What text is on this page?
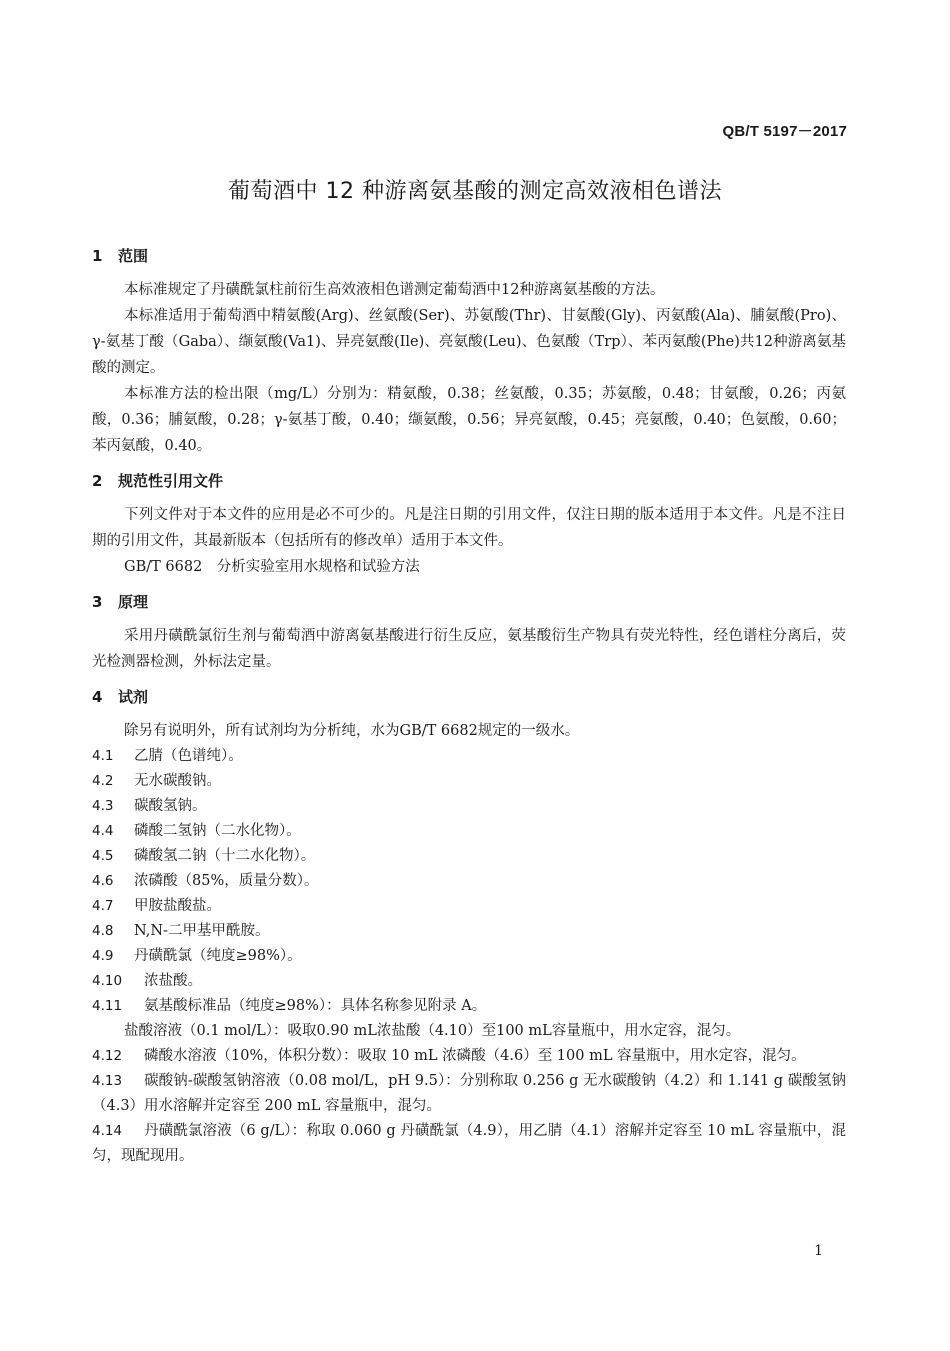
QB/T 5197－2017
葡萄酒中 12 种游离氨基酸的测定高效液相色谱法

1 范围

本标准规定了丹磺酰氯柱前衍生高效液相色谱测定葡萄酒中12种游离氨基酸的方法。

本标准适用于葡萄酒中精氨酸(Arg)、丝氨酸(Ser)、苏氨酸(Thr)、甘氨酸(Gly)、丙氨酸(Ala)、脯氨酸(Pro)、γ-氨基丁酸（Gaba）、缬氨酸(Va1)、异亮氨酸(Ile)、亮氨酸(Leu)、色氨酸（Trp）、苯丙氨酸(Phe)共12种游离氨基酸的测定。

本标准方法的检出限（mg/L）分别为：精氨酸，0.38；丝氨酸，0.35；苏氨酸，0.48；甘氨酸，0.26；丙氨酸，0.36；脯氨酸，0.28；γ-氨基丁酸，0.40；缬氨酸，0.56；异亮氨酸，0.45；亮氨酸，0.40；色氨酸，0.60；苯丙氨酸，0.40。

2 规范性引用文件

下列文件对于本文件的应用是必不可少的。凡是注日期的引用文件，仅注日期的版本适用于本文件。凡是不注日期的引用文件，其最新版本（包括所有的修改单）适用于本文件。

GB/T 6682　分析实验室用水规格和试验方法

3 原理

采用丹磺酰氯衍生剂与葡萄酒中游离氨基酸进行衍生反应，氨基酸衍生产物具有荧光特性，经色谱柱分离后，荧光检测器检测，外标法定量。

4 试剂

除另有说明外，所有试剂均为分析纯，水为GB/T 6682规定的一级水。

4.1 乙腈（色谱纯）。

4.2 无水碳酸钠。

4.3 碳酸氢钠。

4.4 磷酸二氢钠（二水化物）。

4.5 磷酸氢二钠（十二水化物）。

4.6 浓磷酸（85%，质量分数）。

4.7 甲胺盐酸盐。

4.8 N,N-二甲基甲酰胺。

4.9 丹磺酰氯（纯度≥98%）。

4.10 浓盐酸。

4.11 氨基酸标准品（纯度≥98%）：具体名称参见附录 A。

盐酸溶液（0.1 mol/L）：吸取0.90 mL浓盐酸（4.10）至100 mL容量瓶中，用水定容，混匀。

4.12 磷酸水溶液（10%，体积分数）：吸取 10 mL 浓磷酸（4.6）至 100 mL 容量瓶中，用水定容，混匀。

4.13 碳酸钠-碳酸氢钠溶液（0.08 mol/L，pH 9.5）：分别称取 0.256 g 无水碳酸钠（4.2）和 1.141 g 碳酸氢钠（4.3）用水溶解并定容至 200 mL 容量瓶中，混匀。

4.14 丹磺酰氯溶液（6 g/L）：称取 0.060 g 丹磺酰氯（4.9），用乙腈（4.1）溶解并定容至 10 mL 容量瓶中，混匀，现配现用。

1
